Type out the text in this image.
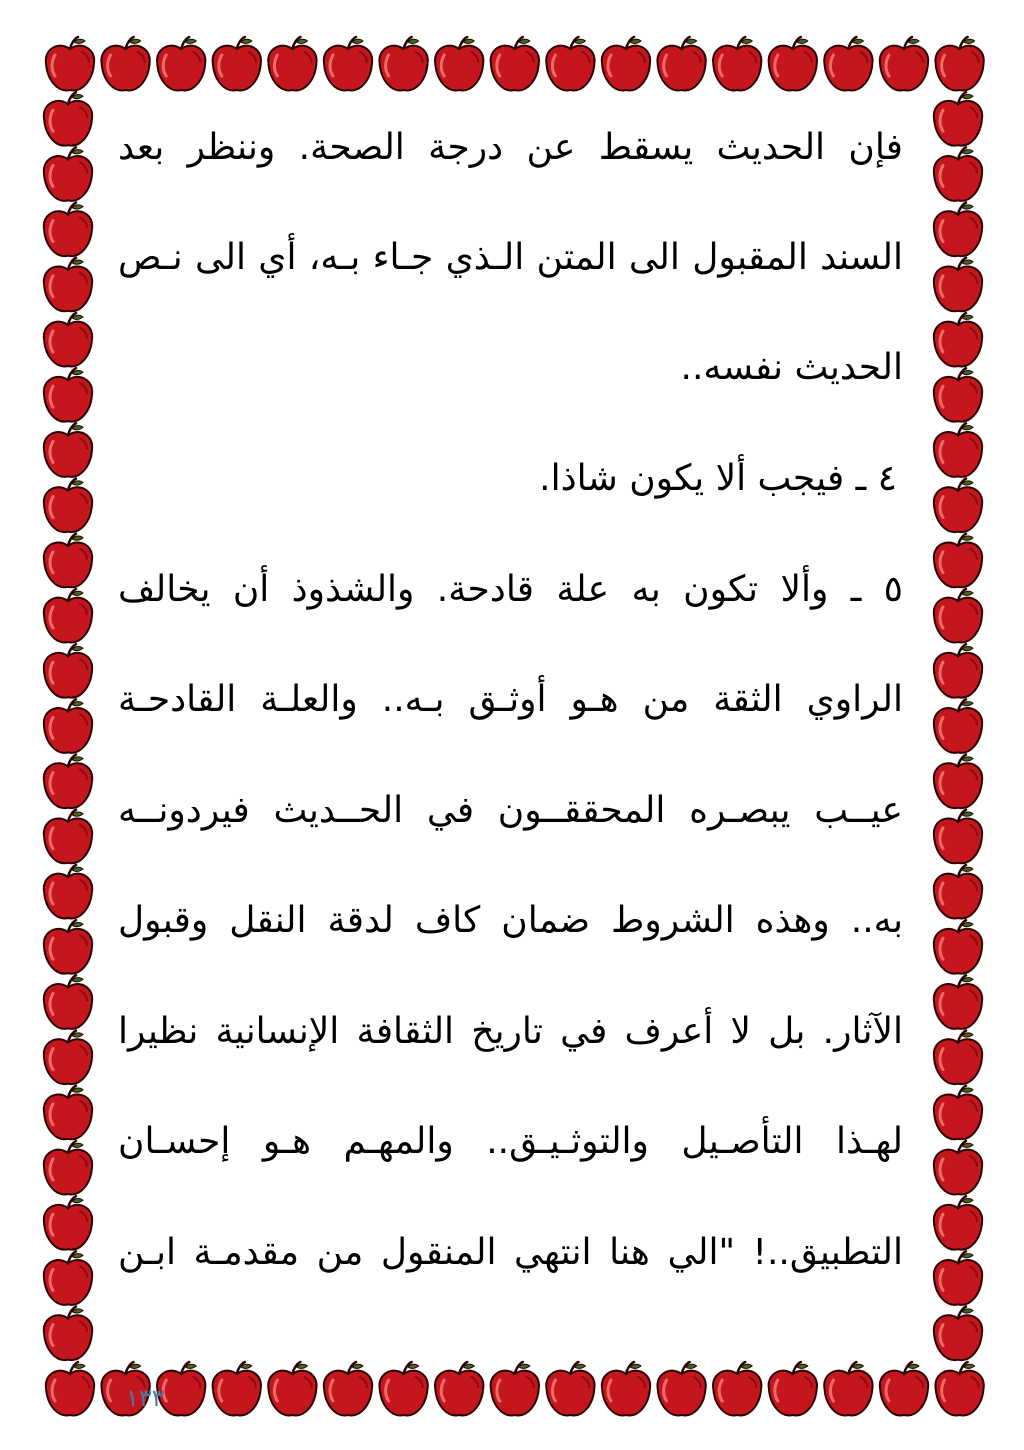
فإن الحديث يسقط عن درجة الصحة. وننظر بعد
السند المقبول الى المتن الـذي جـاء بـه، أي الى نـص
الحديث نفسه..
٤ ـ فيجب ألا يكون شاذا.
٥ ـ وألا تكون به علة قادحة. والشذوذ أن يخالف
الراوي الثقة من هـو أوثـق بـه.. والعلـة القادحـة
عيــب يبصـره المحققــون في الحــديث فيردونــه
به.. وهذه الشروط ضمان كاف لدقة النقل وقبول
الآثار. بل لا أعرف في تاريخ الثقافة الإنسانية نظيرا
لهـذا التأصـيل والتوثـيـق.. والمهـم هـو إحسـان
التطبيق..! "الي هنا انتهي المنقول من مقدمـة ابـن
١٣٣
